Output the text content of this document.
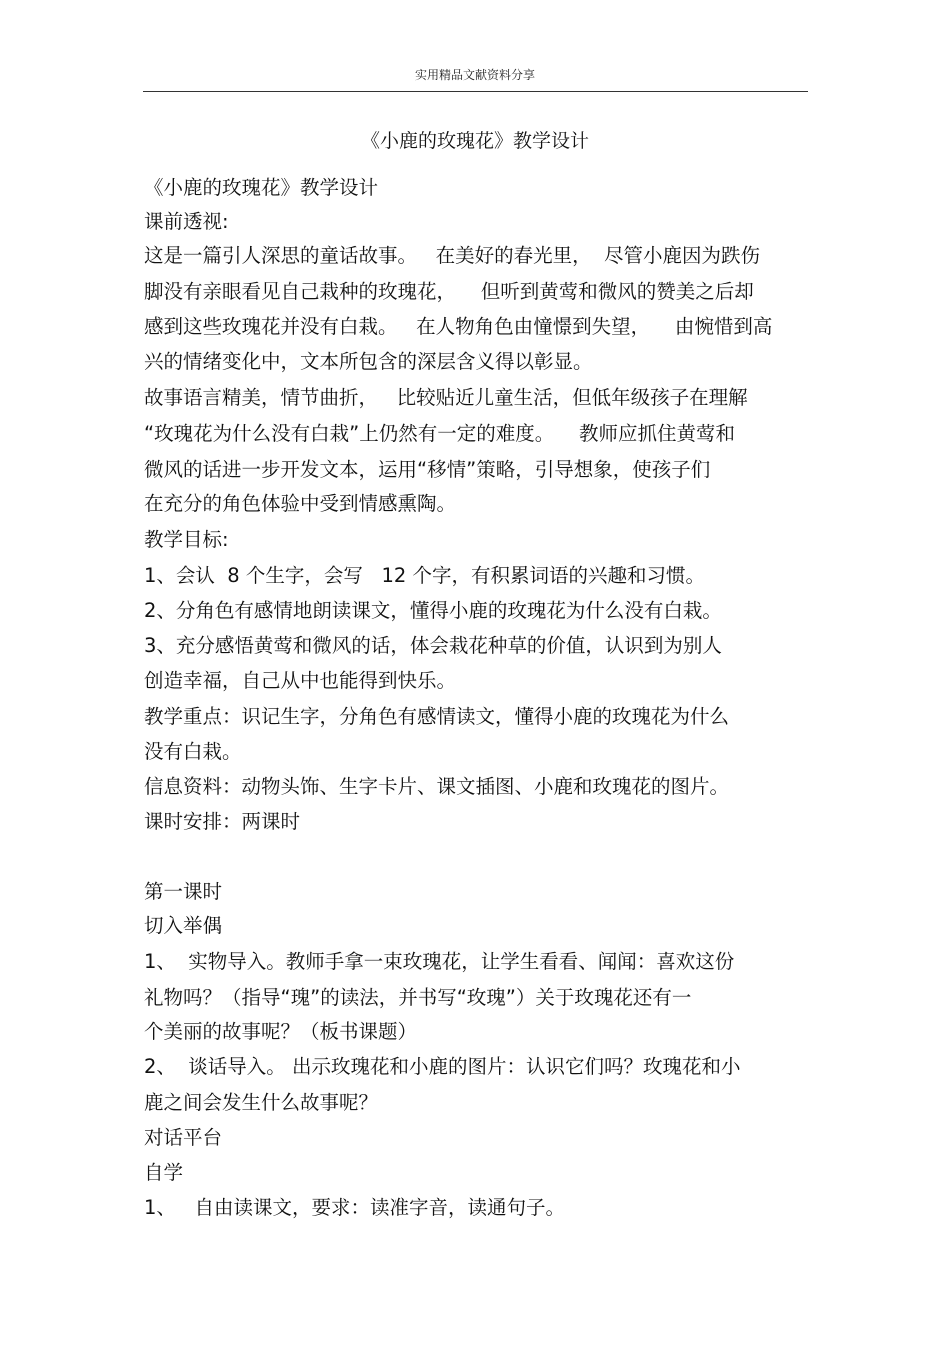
实用精品文献资料分享
《小鹿的玫瑰花》教学设计
《小鹿的玫瑰花》教学设计
课前透视:
这是一篇引人深思的童话故事。   在美好的春光里，  尽管小鹿因为跌伤
脚没有亲眼看见自己栽种的玫瑰花，    但听到黄莺和微风的赞美之后却
感到这些玫瑰花并没有白栽。   在人物角色由憧憬到失望，    由惋惜到高
兴的情绪变化中，文本所包含的深层含义得以彰显。
故事语言精美，情节曲折，   比较贴近儿童生活，但低年级孩子在理解
“玫瑰花为什么没有白栽”上仍然有一定的难度。    教师应抓住黄莺和
微风的话进一步开发文本，运用“移情”策略，引导想象，使孩子们
在充分的角色体验中受到情感熏陶。
教学目标:
1、会认  8 个生字，会写   12 个字，有积累词语的兴趣和习惯。
2、分角色有感情地朗读课文，懂得小鹿的玫瑰花为什么没有白栽。
3、充分感悟黄莺和微风的话，体会栽花种草的价值，认识到为别人
创造幸福，自己从中也能得到快乐。
教学重点：识记生字，分角色有感情读文，懂得小鹿的玫瑰花为什么
没有白栽。
信息资料：动物头饰、生字卡片、课文插图、小鹿和玫瑰花的图片。
课时安排：两课时
第一课时
切入举偶
1、  实物导入。教师手拿一束玫瑰花，让学生看看、闻闻：喜欢这份
礼物吗？（指导“瑰”的读法，并书写“玫瑰”）关于玫瑰花还有一
个美丽的故事呢？（板书课题）
2、  谈话导入。 出示玫瑰花和小鹿的图片：认识它们吗？玫瑰花和小
鹿之间会发生什么故事呢？
对话平台
自学
1、   自由读课文，要求：读准字音，读通句子。
